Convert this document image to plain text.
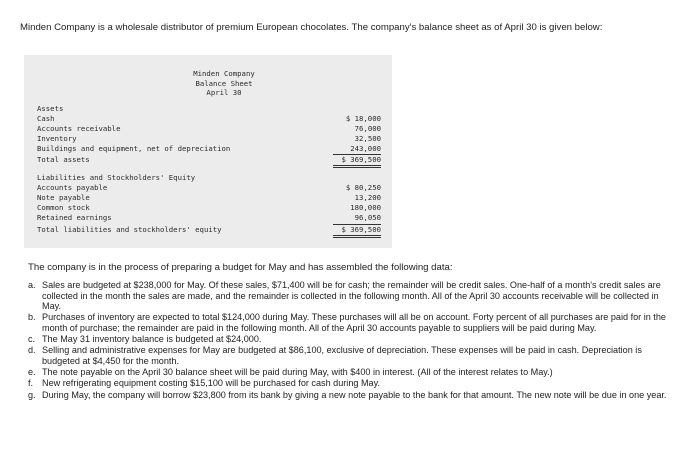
Minden Company is a wholesale distributor of premium European chocolates. The company's balance sheet as of April 30 is given below:
Minden Company
Balance Sheet
April 30
Assets
Cash	$ 18,000
Accounts receivable	76,000
Inventory	32,500
Buildings and equipment, net of depreciation	243,000
Total assets	$ 369,500
Liabilities and Stockholders' Equity
Accounts payable	$ 80,250
Note payable	13,200
Common stock	180,000
Retained earnings	96,050
Total liabilities and stockholders' equity	$ 369,500
The company is in the process of preparing a budget for May and has assembled the following data:
a. Sales are budgeted at $238,000 for May. Of these sales, $71,400 will be for cash; the remainder will be credit sales. One-half of a month's credit sales are collected in the month the sales are made, and the remainder is collected in the following month. All of the April 30 accounts receivable will be collected in May.
b. Purchases of inventory are expected to total $124,000 during May. These purchases will all be on account. Forty percent of all purchases are paid for in the month of purchase; the remainder are paid in the following month. All of the April 30 accounts payable to suppliers will be paid during May.
c. The May 31 inventory balance is budgeted at $24,000.
d. Selling and administrative expenses for May are budgeted at $86,100, exclusive of depreciation. These expenses will be paid in cash. Depreciation is budgeted at $4,450 for the month.
e. The note payable on the April 30 balance sheet will be paid during May, with $400 in interest. (All of the interest relates to May.)
f. New refrigerating equipment costing $15,100 will be purchased for cash during May.
g. During May, the company will borrow $23,800 from its bank by giving a new note payable to the bank for that amount. The new note will be due in one year.
